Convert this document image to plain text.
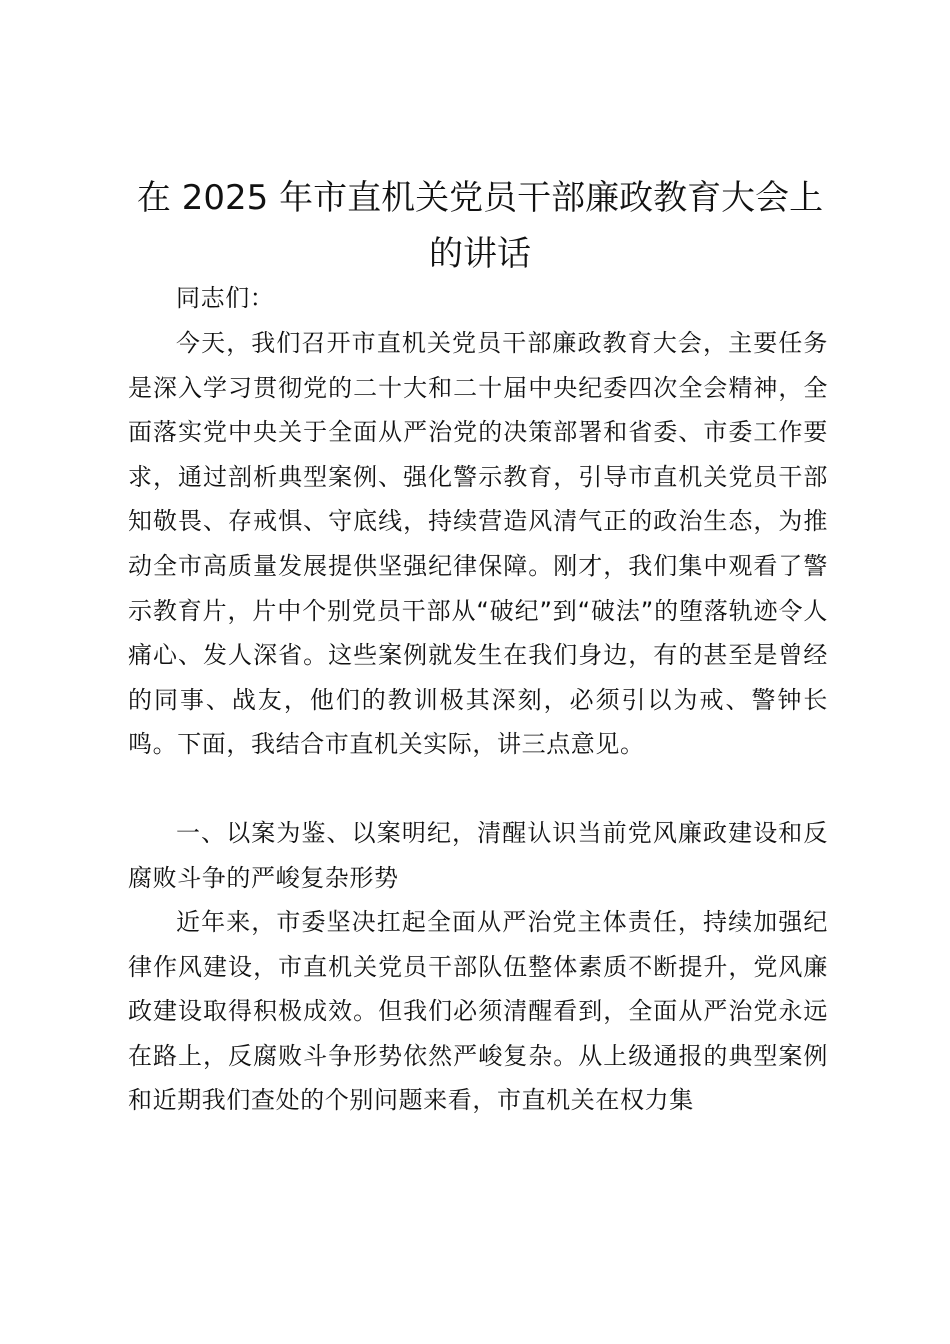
在 2025 年市直机关党员干部廉政教育大会上的讲话

同志们：

今天，我们召开市直机关党员干部廉政教育大会，主要任务是深入学习贯彻党的二十大和二十届中央纪委四次全会精神，全面落实党中央关于全面从严治党的决策部署和省委、市委工作要求，通过剖析典型案例、强化警示教育，引导市直机关党员干部知敬畏、存戒惧、守底线，持续营造风清气正的政治生态，为推动全市高质量发展提供坚强纪律保障。刚才，我们集中观看了警示教育片，片中个别党员干部从“破纪”到“破法”的堕落轨迹令人痛心、发人深省。这些案例就发生在我们身边，有的甚至是曾经的同事、战友，他们的教训极其深刻，必须引以为戒、警钟长鸣。下面，我结合市直机关实际，讲三点意见。

一、以案为鉴、以案明纪，清醒认识当前党风廉政建设和反腐败斗争的严峻复杂形势

近年来，市委坚决扛起全面从严治党主体责任，持续加强纪律作风建设，市直机关党员干部队伍整体素质不断提升，党风廉政建设取得积极成效。但我们必须清醒看到，全面从严治党永远在路上，反腐败斗争形势依然严峻复杂。从上级通报的典型案例和近期我们查处的个别问题来看，市直机关在权力集
